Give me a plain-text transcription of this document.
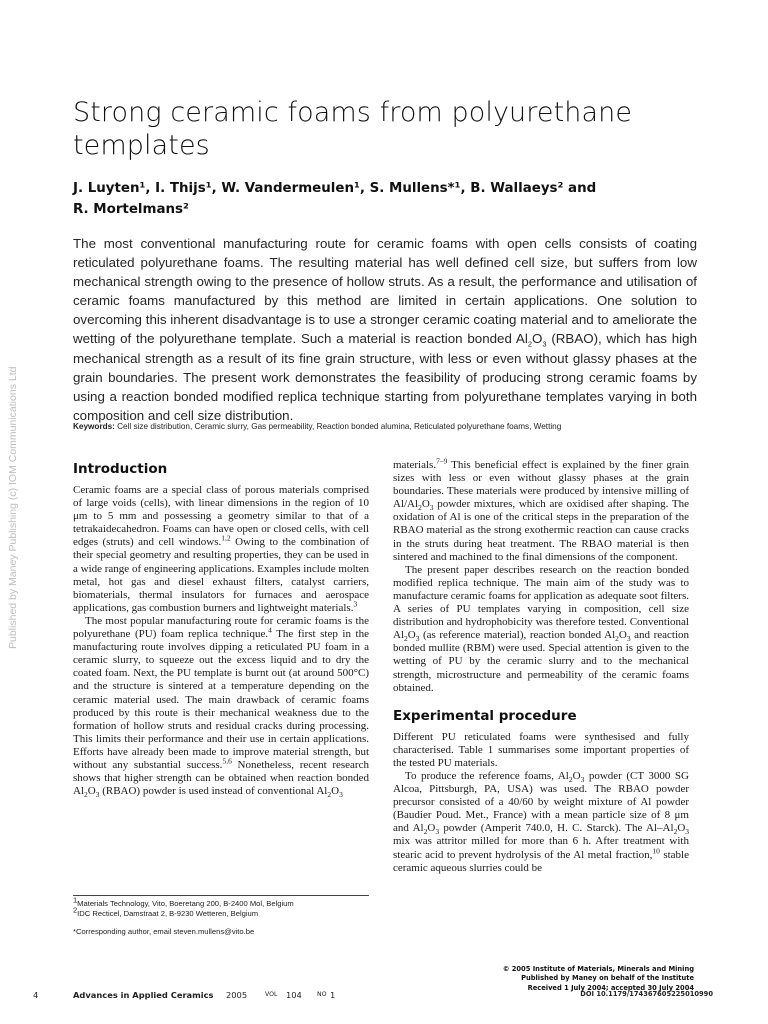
Published by Maney Publishing (c) IOM Communications Ltd
Strong ceramic foams from polyurethane templates
J. Luyten¹, I. Thijs¹, W. Vandermeulen¹, S. Mullens*¹, B. Wallaeys² and
R. Mortelmans²

The most conventional manufacturing route for ceramic foams with open cells consists of coating reticulated polyurethane foams. The resulting material has well defined cell size, but suffers from low mechanical strength owing to the presence of hollow struts. As a result, the performance and utilisation of ceramic foams manufactured by this method are limited in certain applications. One solution to overcoming this inherent disadvantage is to use a stronger ceramic coating material and to ameliorate the wetting of the polyurethane template. Such a material is reaction bonded $Al_2O_3$ (RBAO), which has high mechanical strength as a result of its fine grain structure, with less or even without glassy phases at the grain boundaries. The present work demonstrates the feasibility of producing strong ceramic foams by using a reaction bonded modified replica technique starting from polyurethane templates varying in both composition and cell size distribution.

Keywords: Cell size distribution, Ceramic slurry, Gas permeability, Reaction bonded alumina, Reticulated polyurethane foams, Wetting
Introduction

Ceramic foams are a special class of porous materials comprised of large voids (cells), with linear dimensions in the region of 10 μm to 5 mm and possessing a geometry similar to that of a tetrakaidecahedron. Foams can have open or closed cells, with cell edges (struts) and cell windows.$^{1,2}$ Owing to the combination of their special geometry and resulting properties, they can be used in a wide range of engineering applications. Examples include molten metal, hot gas and diesel exhaust filters, catalyst carriers, biomaterials, thermal insulators for furnaces and aerospace applications, gas combustion burners and lightweight materials.$^3$

The most popular manufacturing route for ceramic foams is the polyurethane (PU) foam replica technique.$^4$ The first step in the manufacturing route involves dipping a reticulated PU foam in a ceramic slurry, to squeeze out the excess liquid and to dry the coated foam. Next, the PU template is burnt out (at around 500°C) and the structure is sintered at a temperature depending on the ceramic material used. The main drawback of ceramic foams produced by this route is their mechanical weakness due to the formation of hollow struts and residual cracks during processing. This limits their performance and their use in certain applications. Efforts have already been made to improve material strength, but without any substantial success.$^{5,6}$ Nonetheless, recent research shows that higher strength can be obtained when reaction bonded $Al_2O_3$ (RBAO) powder is used instead of conventional $Al_2O_3$

$^1$Materials Technology, Vito, Boeretang 200, B-2400 Mol, Belgium
$^2$IDC Recticel, Damstraat 2, B-9230 Wetteren, Belgium
*Corresponding author, email steven.mullens@vito.be

materials.$^{7-9}$ This beneficial effect is explained by the finer grain sizes with less or even without glassy phases at the grain boundaries. These materials were produced by intensive milling of $Al/Al_2O_3$ powder mixtures, which are oxidised after shaping. The oxidation of Al is one of the critical steps in the preparation of the RBAO material as the strong exothermic reaction can cause cracks in the struts during heat treatment. The RBAO material is then sintered and machined to the final dimensions of the component.

The present paper describes research on the reaction bonded modified replica technique. The main aim of the study was to manufacture ceramic foams for application as adequate soot filters. A series of PU templates varying in composition, cell size distribution and hydrophobicity was therefore tested. Conventional $Al_2O_3$ (as reference material), reaction bonded $Al_2O_3$ and reaction bonded mullite (RBM) were used. Special attention is given to the wetting of PU by the ceramic slurry and to the mechanical strength, microstructure and permeability of the ceramic foams obtained.

Experimental procedure

Different PU reticulated foams were synthesised and fully characterised. Table 1 summarises some important properties of the tested PU materials.

To produce the reference foams, $Al_2O_3$ powder (CT 3000 SG Alcoa, Pittsburgh, PA, USA) was used. The RBAO powder precursor consisted of a 40/60 by weight mixture of Al powder (Baudier Poud. Met., France) with a mean particle size of 8 μm and $Al_2O_3$ powder (Amperit 740.0, H. C. Starck). The $Al-Al_2O_3$ mix was attritor milled for more than 6 h. After treatment with stearic acid to prevent hydrolysis of the Al metal fraction,$^{10}$ stable ceramic aqueous slurries could be

© 2005 Institute of Materials, Minerals and Mining
Published by Maney on behalf of the Institute
Received 1 July 2004; accepted 30 July 2004
4	Advances in Applied Ceramics 2005	VOL 104 NO 1	DOI 10.1179/174367605225010990
